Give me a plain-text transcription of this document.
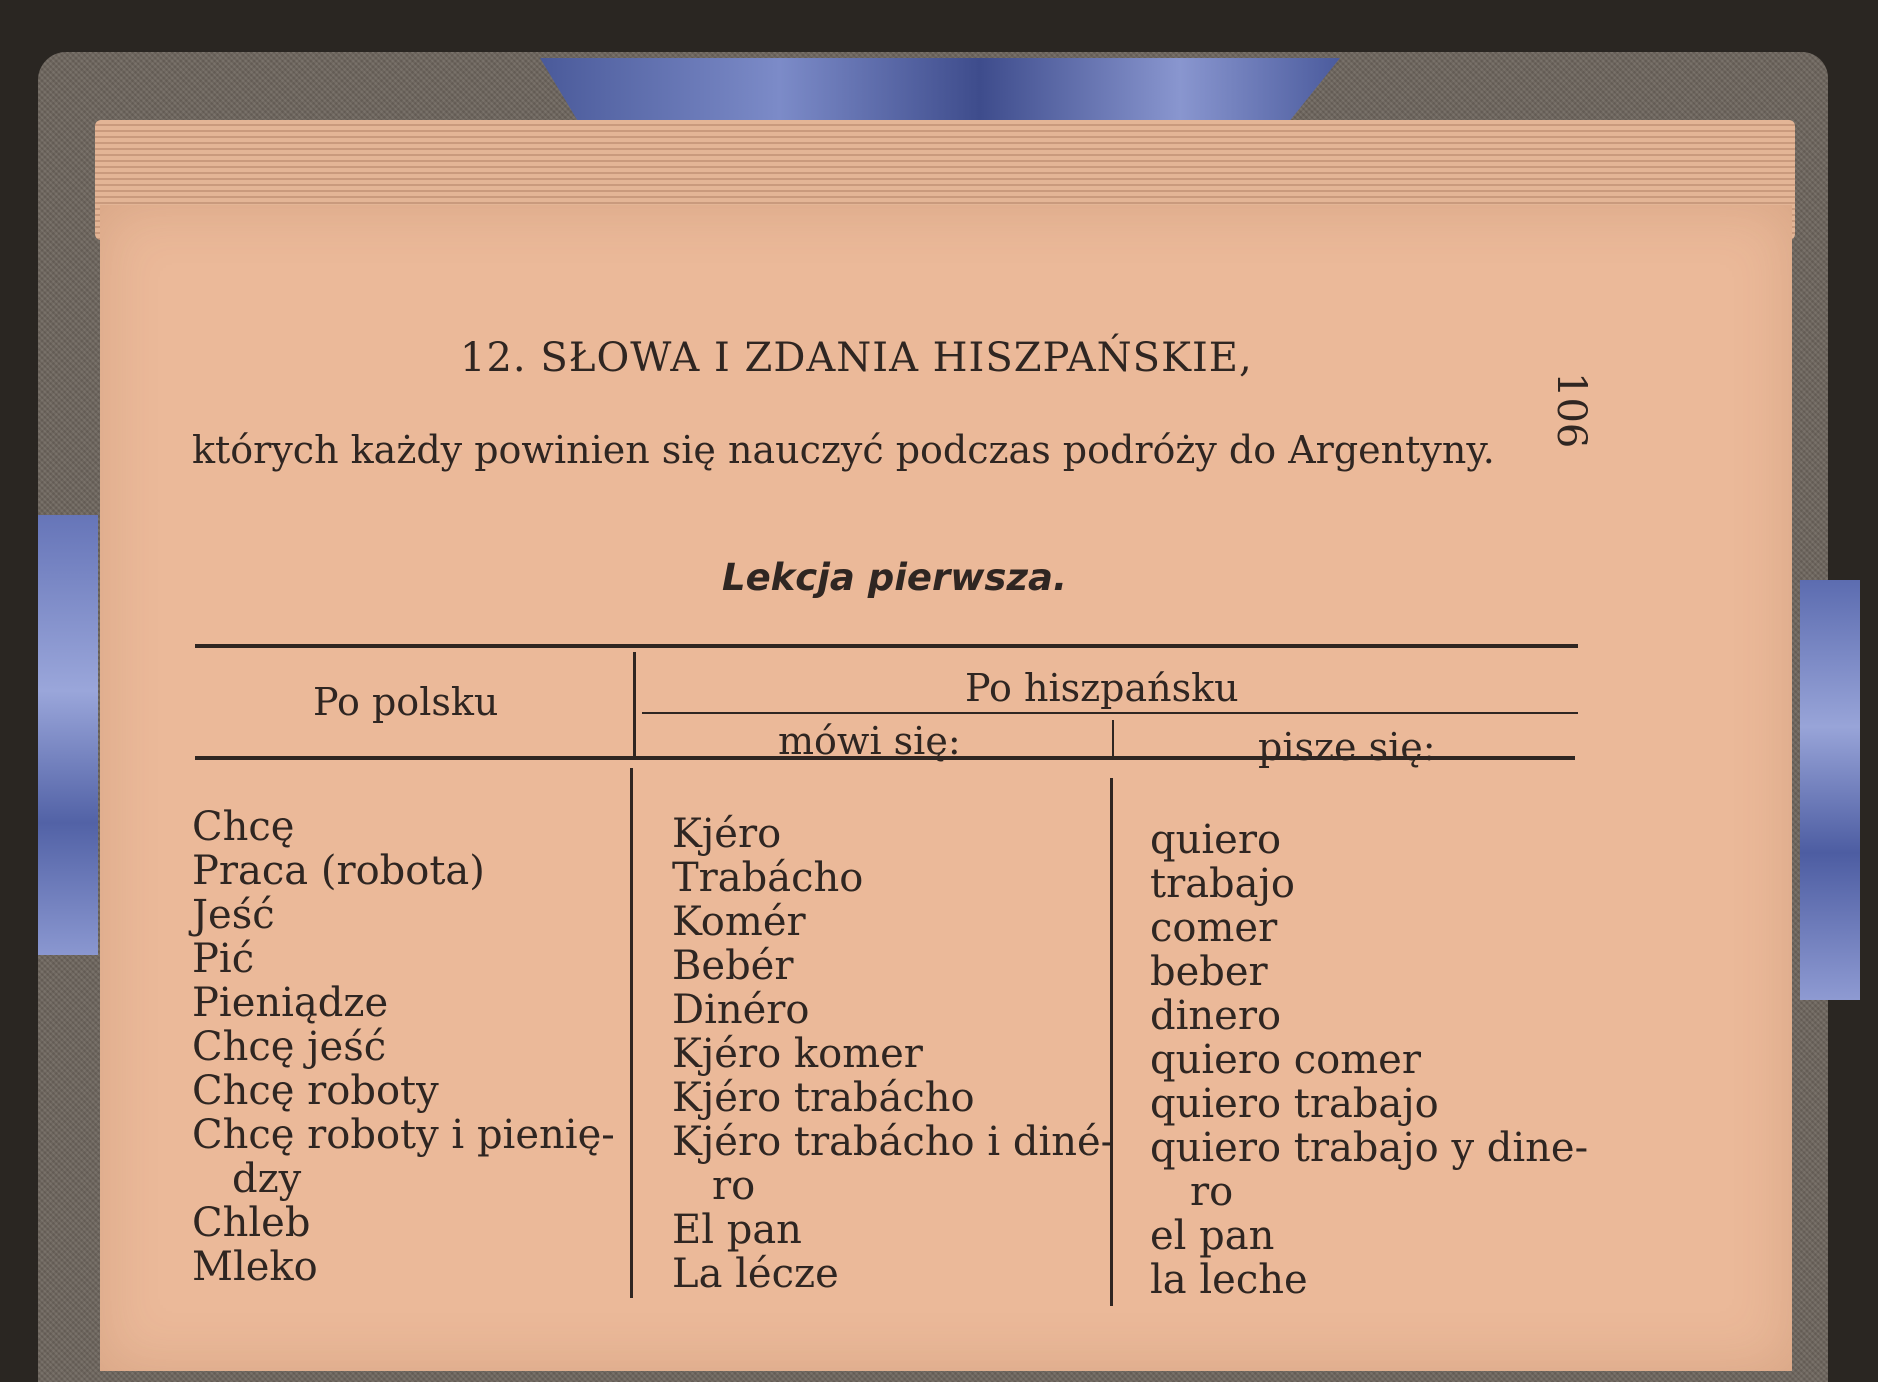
12. SŁOWA I ZDANIA HISZPAŃSKIE,
których każdy powinien się nauczyć podczas podróży do Argentyny.
106
Lekcja pierwsza.
Po polsku	Po hiszpańsku
mówi się:	pisze się:
Chcę
Praca (robota)
Jeść
Pić
Pieniądze
Chcę jeść
Chcę roboty
Chcę roboty i pienię-
dzy
Chleb
Mleko
Kjéro
Trabácho
Komér
Bebér
Dinéro
Kjéro komer
Kjéro trabácho
Kjéro trabácho i diné-
ro
El pan
La lécze
quiero
trabajo
comer
beber
dinero
quiero comer
quiero trabajo
quiero trabajo y dine-
ro
el pan
la leche
